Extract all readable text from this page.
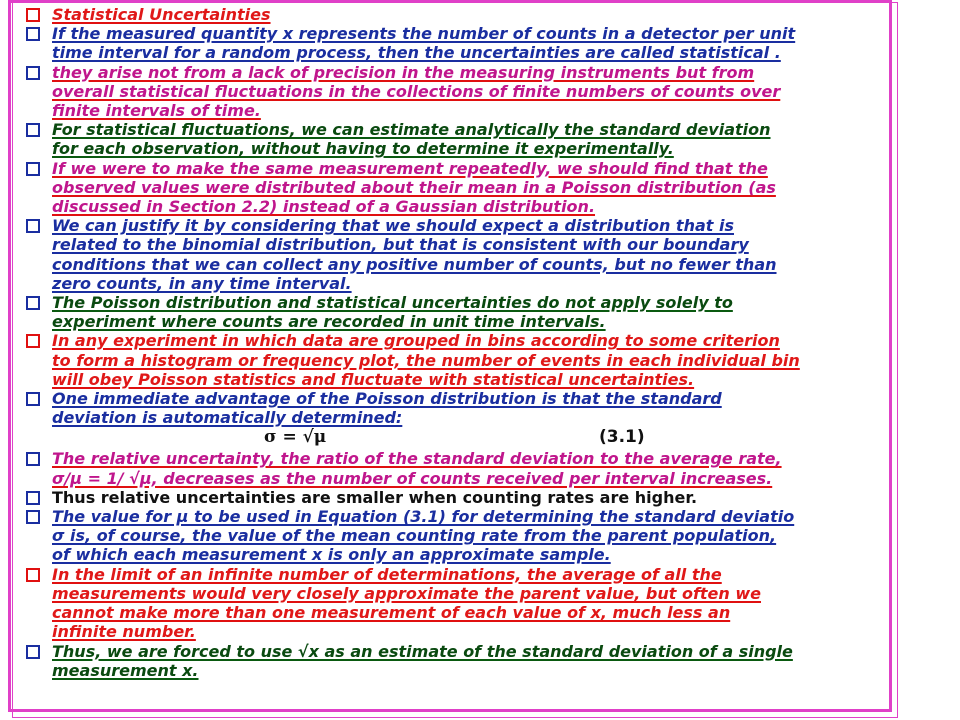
Statistical Uncertainties
If the measured quantity x represents the number of counts in a detector per unit
time interval for a random process, then the uncertainties are called statistical .
they arise not from a lack of precision in the measuring instruments but from
overall statistical fluctuations in the collections of finite numbers of counts over
finite intervals of time.
For statistical fluctuations, we can estimate analytically the standard deviation
for each observation, without having to determine it experimentally.
If we were to make the same measurement repeatedly, we should find that the
observed values were distributed about their mean in a Poisson distribution (as
discussed in Section 2.2) instead of a Gaussian distribution.
We can justify it by considering that we should expect a distribution that is
related to the binomial distribution, but that is consistent with our boundary
conditions that we can collect any positive number of counts, but no fewer than
zero counts, in any time interval.
The Poisson distribution and statistical uncertainties do not apply solely to
experiment where counts are recorded in unit time intervals.
In any experiment in which data are grouped in bins according to some criterion
to form a histogram or frequency plot, the number of events in each individual bin
will obey Poisson statistics and fluctuate with statistical uncertainties.
One immediate advantage of the Poisson distribution is that the standard
deviation is automatically determined:
σ = √μ	(3.1)
The relative uncertainty, the ratio of the standard deviation to the average rate,
σ/μ = 1/ √μ, decreases as the number of counts received per interval increases.
Thus relative uncertainties are smaller when counting rates are higher.
The value for μ to be used in Equation (3.1) for determining the standard deviatio
σ is, of course, the value of the mean counting rate from the parent population,
of which each measurement x is only an approximate sample.
In the limit of an infinite number of determinations, the average of all the
measurements would very closely approximate the parent value, but often we
cannot make more than one measurement of each value of x, much less an
infinite number.
Thus, we are forced to use √x as an estimate of the standard deviation of a single
measurement x.
